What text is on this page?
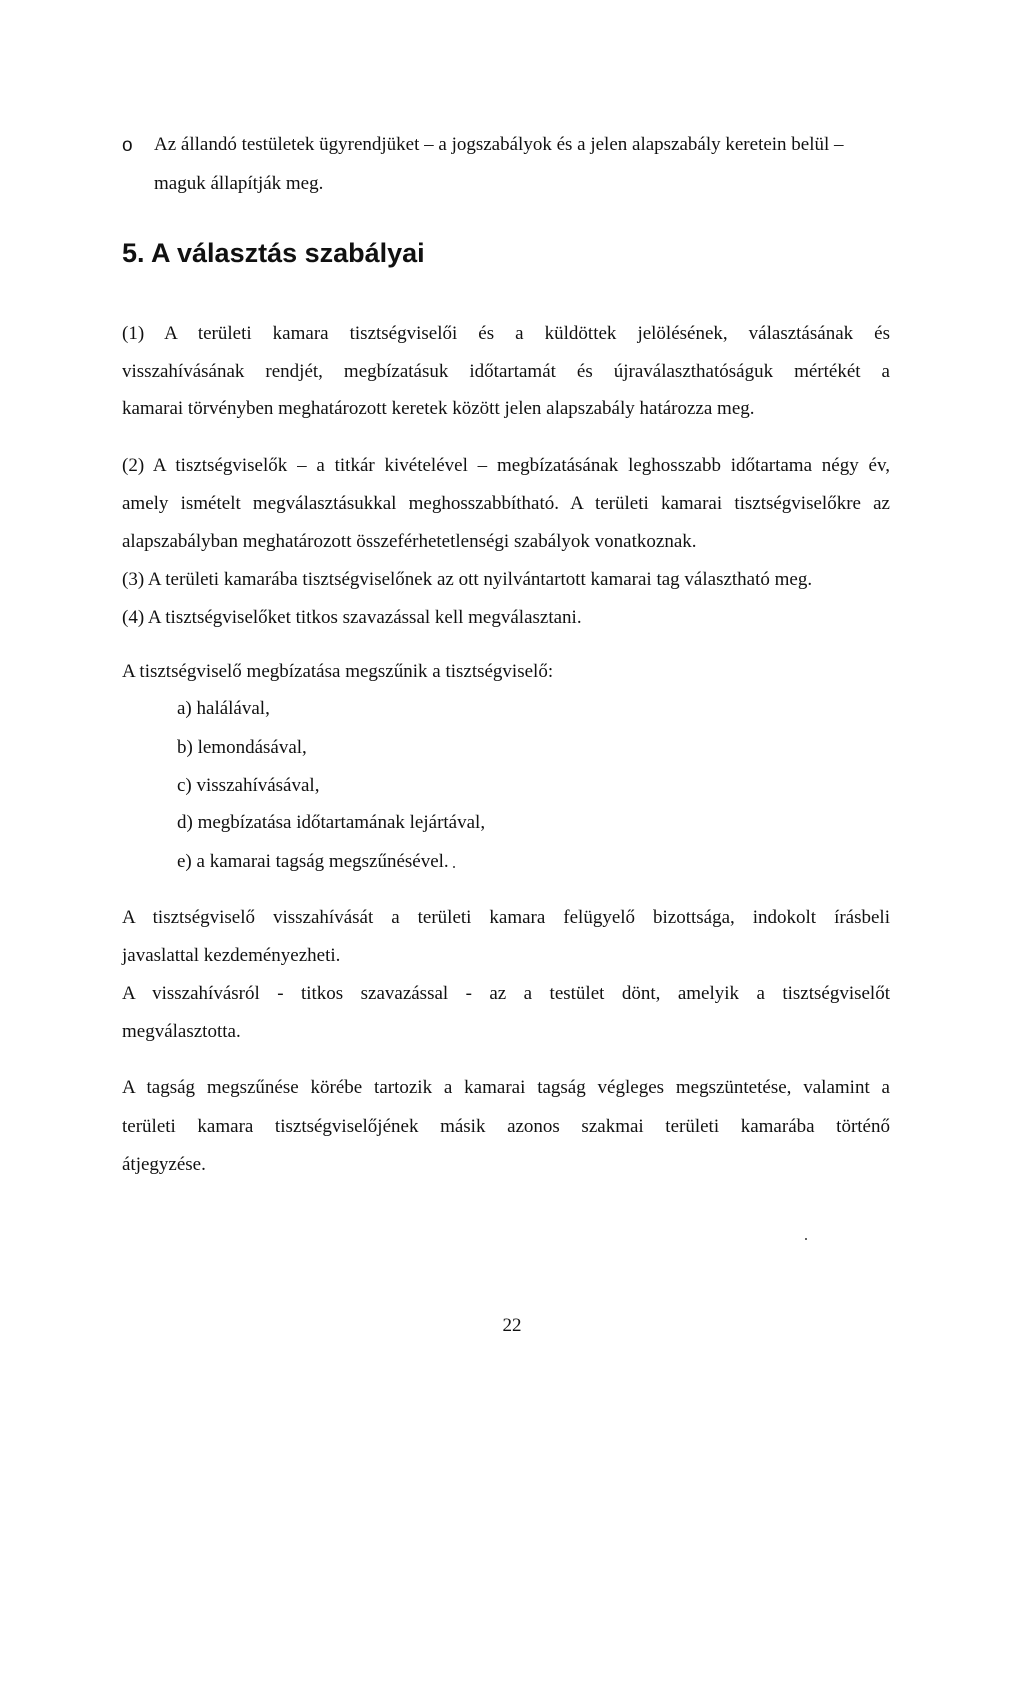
o Az állandó testületek ügyrendjüket – a jogszabályok és a jelen alapszabály keretein belül –
maguk állapítják meg.
5. A választás szabályai
(1) A területi kamara tisztségviselői és a küldöttek jelölésének, választásának és
visszahívásának rendjét, megbízatásuk időtartamát és újraválaszthatóságuk mértékét a
kamarai törvényben meghatározott keretek között jelen alapszabály határozza meg.
(2) A tisztségviselők – a titkár kivételével – megbízatásának leghosszabb időtartama négy év,
amely ismételt megválasztásukkal meghosszabbítható. A területi kamarai tisztségviselőkre az
alapszabályban meghatározott összeférhetetlenségi szabályok vonatkoznak.
(3) A területi kamarába tisztségviselőnek az ott nyilvántartott kamarai tag választható meg.
(4) A tisztségviselőket titkos szavazással kell megválasztani.
A tisztségviselő megbízatása megszűnik a tisztségviselő:
a) halálával,
b) lemondásával,
c) visszahívásával,
d) megbízatása időtartamának lejártával,
e) a kamarai tagság megszűnésével.
A tisztségviselő visszahívását a területi kamara felügyelő bizottsága, indokolt írásbeli
javaslattal kezdeményezheti.
A visszahívásról - titkos szavazással - az a testület dönt, amelyik a tisztségviselőt
megválasztotta.
A tagság megszűnése körébe tartozik a kamarai tagság végleges megszüntetése, valamint a
területi kamara tisztségviselőjének másik azonos szakmai területi kamarába történő
átjegyzése.
22
